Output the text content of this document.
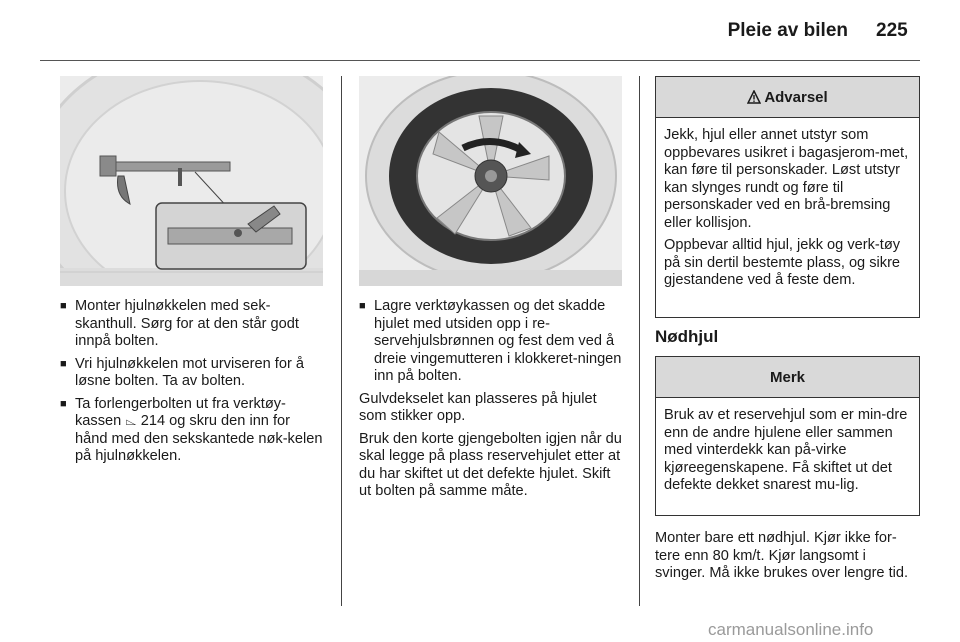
Pleie av bilen 225
■ Monter hjulnøkkelen med sek-skanthull. Sørg for at den står godt innpå bolten.
■ Vri hjulnøkkelen mot urviseren for å løsne bolten. Ta av bolten.
■ Ta forlengerbolten ut fra verktøy-kassen ⌳ 214 og skru den inn for hånd med den sekskantede nøk-kelen på hjulnøkkelen.
■ Lagre verktøykassen og det skadde hjulet med utsiden opp i re-servehjulsbrønnen og fest dem ved å dreie vingemutteren i klokkeret-ningen inn på bolten.
Gulvdekselet kan plasseres på hjulet som stikker opp.
Bruk den korte gjengebolten igjen når du skal legge på plass reservehjulet etter at du har skiftet ut det defekte hjulet. Skift ut bolten på samme måte.
Advarsel

Jekk, hjul eller annet utstyr som oppbevares usikret i bagasjerom-met, kan føre til personskader. Løst utstyr kan slynges rundt og føre til personskader ved en brå-bremsing eller kollisjon.

Oppbevar alltid hjul, jekk og verk-tøy på sin dertil bestemte plass, og sikre gjestandene ved å feste dem.

Nødhjul
Merk

Bruk av et reservehjul som er min-dre enn de andre hjulene eller sammen med vinterdekk kan på-virke kjøreegenskapene. Få skiftet ut det defekte dekket snarest mu-lig.

Monter bare ett nødhjul. Kjør ikke for-tere enn 80 km/t. Kjør langsomt i svinger. Må ikke brukes over lengre tid.
carmanualsonline.info
